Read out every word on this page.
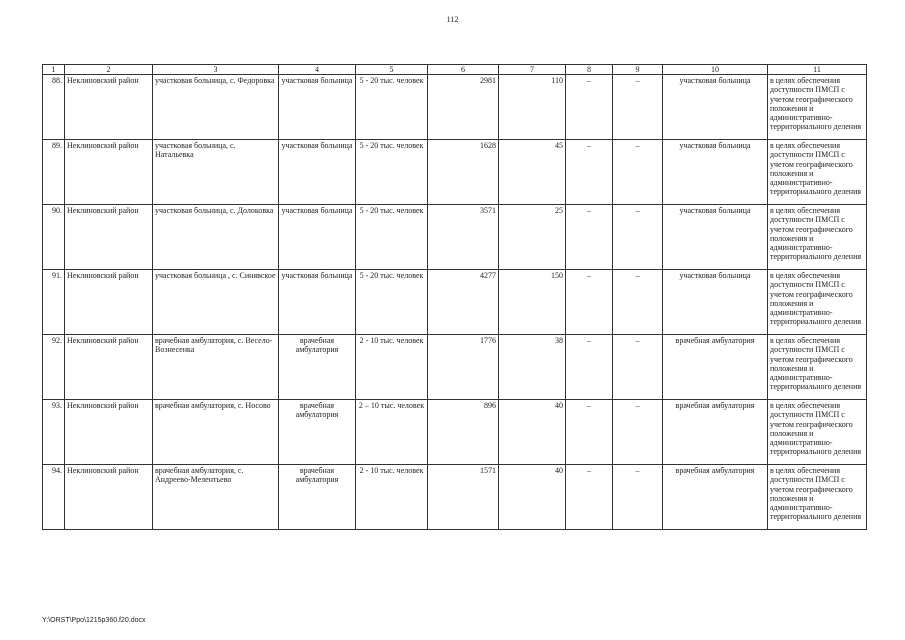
112
1	2	3	4	5	6	7	8	9	10	11
88.	Неклиновский район	участковая больница, с. Федоровка	участковая больница	5 - 20 тыс. человек	2981	110	–	–	участковая больница	в целях обеспечения доступности ПМСП с учетом географического положения и административно-территориального деления
89.	Неклиновский район	участковая больница, с. Натальевка	участковая больница	5 - 20 тыс. человек	1628	45	–	–	участковая больница	в целях обеспечения доступности ПМСП с учетом географического положения и административно-территориального деления
90.	Неклиновский район	участковая больница, с. Долоковка	участковая больница	5 - 20 тыс. человек	3571	25	–	–	участковая больница	в целях обеспечения доступности ПМСП с учетом географического положения и административно-территориального деления
91.	Неклиновский район	участковая больница , с. Синявское	участковая больница	5 - 20 тыс. человек	4277	150	–	–	участковая больница	в целях обеспечения доступности ПМСП с учетом географического положения и административно-территориального деления
92.	Неклиновский район	врачебная амбулатория, с. Весело-Вознесенка	врачебная амбулатория	2 - 10 тыс. человек	1776	38	–	–	врачебная амбулатория	в целях обеспечения доступности ПМСП с учетом географического положения и административно-территориального деления
93.	Неклиновский район	врачебная амбулатория, с. Носово	врачебная амбулатория	2 – 10 тыс. человек	896	40	–	–	врачебная амбулатория	в целях обеспечения доступности ПМСП с учетом географического положения и административно-территориального деления
94.	Неклиновский район	врачебная амбулатория, с. Андреево-Мелентьево	врачебная амбулатория	2 - 10 тыс. человек	1571	40	–	–	врачебная амбулатория	в целях обеспечения доступности ПМСП с учетом географического положения и административно-территориального деления
Y:\ORST\Ppo\1215p360.f20.docx
